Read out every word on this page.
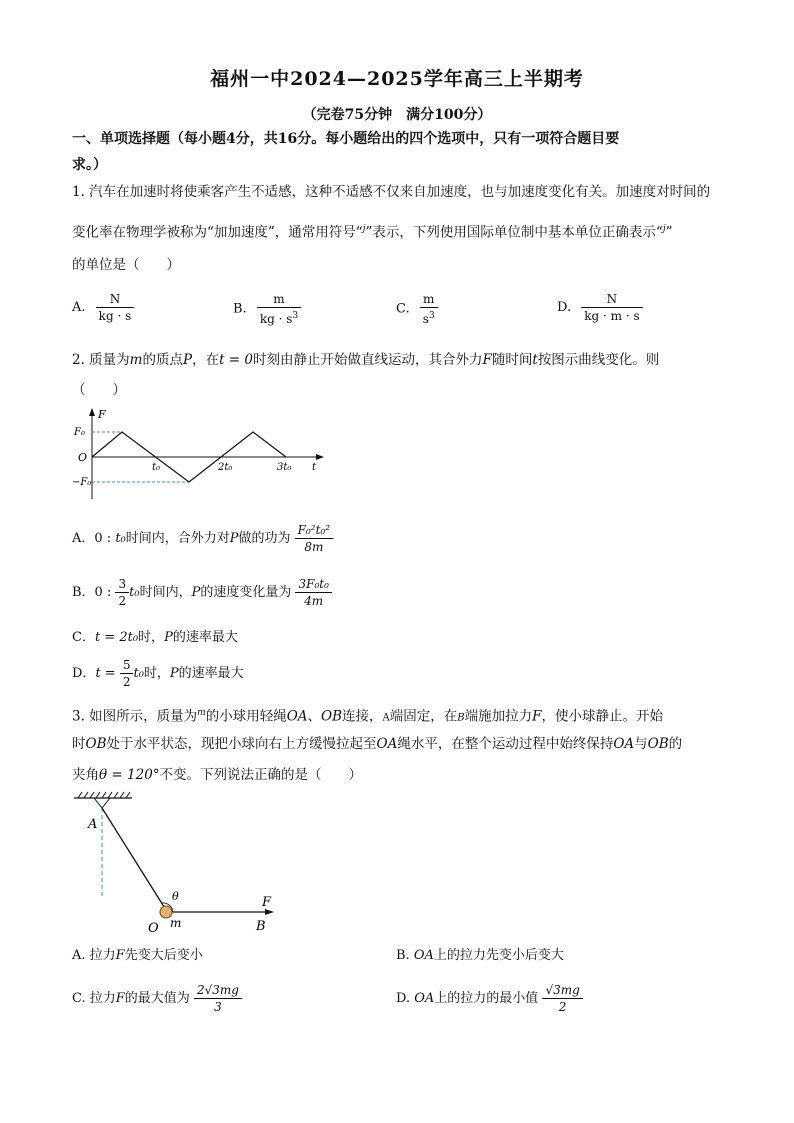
福州一中2024—2025学年高三上半期考
（完卷75分钟　满分100分）
一、单项选择题（每小题4分，共16分。每小题给出的四个选项中，只有一项符合题目要
求。）
1. 汽车在加速时将使乘客产生不适感，这种不适感不仅来自加速度，也与加速度变化有关。加速度对时间的
变化率在物理学被称为“加加速度”，通常用符号“$^j$”表示，下列使用国际单位制中基本单位正确表示“$^j$”
的单位是（　　）
A. $\frac{N}{kg \cdot s}$	B. $\frac{m}{kg \cdot s^3}$	C. $\frac{m}{s^3}$	D. $\frac{N}{kg \cdot m \cdot s}$
2. 质量为m的质点P，在t = 0时刻由静止开始做直线运动，其合外力F随时间t按图示曲线变化。则
（　　）
F
F₀
O
−F₀
t₀	2t₀	3t₀ t
A．0 : t₀时间内，合外力对P做的功为 $\frac{\text{F₀²t₀²}}{8m}$
B．0 : $\frac{3}{2} t_0$时间内，P的速度变化量为 $\frac{\text{3F₀t₀}}{4m}$
C．t = 2t₀时，P的速率最大
D．$t = \frac{5}{2} t_0$时，P的速率最大
3. 如图所示，质量为$^m$的小球用轻绳OA、OB连接，A端固定，在B端施加拉力F，使小球静止。开始
时OB处于水平状态，现把小球向右上方缓慢拉起至OA绳水平，在整个运动过程中始终保持OA与OB的
夹角θ = 120°不变。下列说法正确的是（　　）
A
θ
O m
F
B
A. 拉力F先变大后变小	B. OA上的拉力先变小后变大
C. 拉力F的最大值为 $\frac{2√3mg}{3}$	D. OA上的拉力的最小值 $\frac{√3mg}{2}$
